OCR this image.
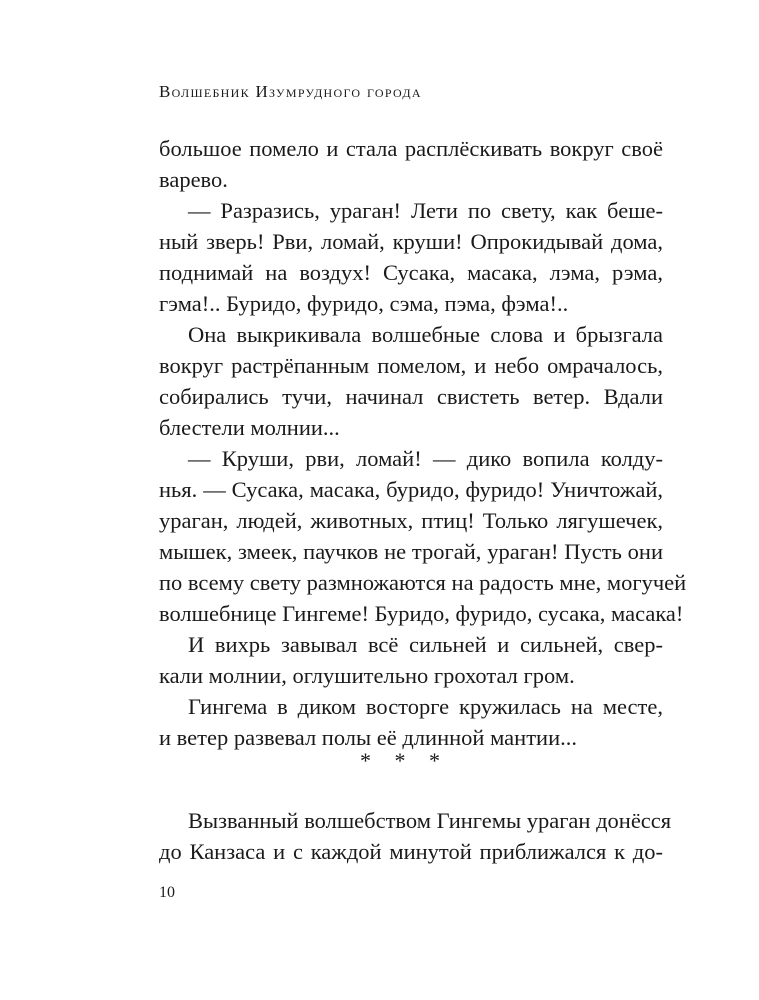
Волшебник Изумрудного города
большое помело и стала расплёскивать вокруг своё
варево.
— Разразись, ураган! Лети по свету, как беше-
ный зверь! Рви, ломай, круши! Опрокидывай дома,
поднимай на воздух! Сусака, масака, лэма, рэма,
гэма!.. Буридо, фуридо, сэма, пэма, фэма!..
Она выкрикивала волшебные слова и брызгала
вокруг растрёпанным помелом, и небо омрачалось,
собирались тучи, начинал свистеть ветер. Вдали
блестели молнии...
— Круши, рви, ломай! — дико вопила колду-
нья. — Сусака, масака, буридо, фуридо! Уничтожай,
ураган, людей, животных, птиц! Только лягушечек,
мышек, змеек, паучков не трогай, ураган! Пусть они
по всему свету размножаются на радость мне, могучей
волшебнице Гингеме! Буридо, фуридо, сусака, масака!
И вихрь завывал всё сильней и сильней, свер-
кали молнии, оглушительно грохотал гром.
Гингема в диком восторге кружилась на месте,
и ветер развевал полы её длинной мантии...
* * *
Вызванный волшебством Гингемы ураган донёсся
до Канзаса и с каждой минутой приближался к до-
10
